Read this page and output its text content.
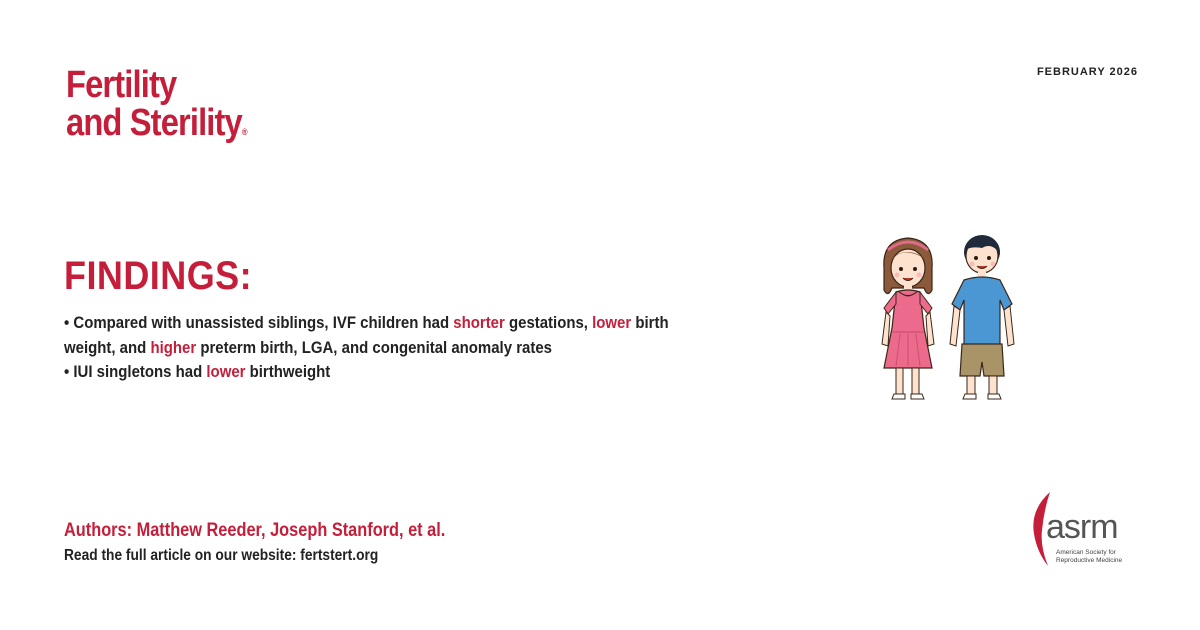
Fertility
and Sterility®
FEBRUARY 2026
FINDINGS:

• Compared with unassisted siblings, IVF children had shorter gestations, lower birth weight, and higher preterm birth, LGA, and congenital anomaly rates

• IUI singletons had lower birthweight

asrm
American Society for
Reproductive Medicine
Authors: Matthew Reeder, Joseph Stanford, et al.
Read the full article on our website: fertstert.org
